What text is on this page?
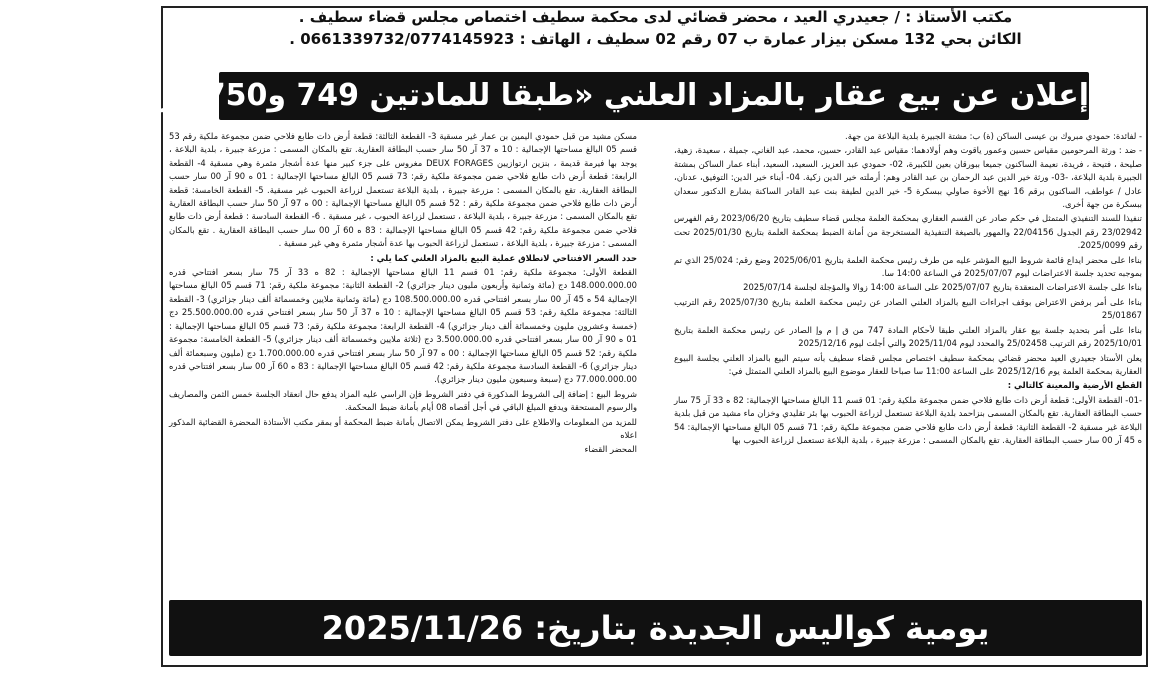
مكتب الأستاذ : / جعيدري العيد ، محضر قضائي لدى محكمة سطيف اختصاص مجلس قضاء سطيف .
الكائن بحي 132 مسكن بيزار عمارة ب 07 رقم 02 سطيف ، الهاتف : 0661339732/0774145923 .
إعلان عن بيع عقار بالمزاد العلني «طبقا للمادتين 749 و750 من ق إ م وإ»

- لفائدة: حمودي مبروك بن عيسى الساكن (ة) ب: مشتة الجبيرة بلدية البلاعة من جهة.

- ضد : ورثة المرحومين مقياس حسين وعمور ياقوت وهم أولادهما: مقياس عبد القادر، حسين، محمد، عبد الغاني، جميلة ، سعيدة، زهية، صليحة ، فتيحة ، فريدة، نعيمة الساكنون جميعا ببورقان بعين للكبيرة، 02- حمودي عبد العزيز، السعيد، السعيد، أبناء عمار الساكن بمشتة الجبيرة بلدية البلاعة، -03- ورثة خير الدين عبد الرحمان بن عبد القادر وهم: أرملته خير الدين زكية. 04- أبناء خير الدين: التوفيق، عدنان، عادل / عواطف، الساكنون برقم 16 نهج الأخوة صاولي ببسكرة 5- خير الدين لطيفة بنت عبد القادر الساكنة بشارع الدكتور سعدان ببسكرة من جهة أخرى.

تنفيذا للسند التنفيذي المتمثل في حكم صادر عن القسم العقاري بمحكمة العلمة مجلس قضاء سطيف بتاريخ 2023/06/20 رقم الفهرس 23/02942 رقم الجدول 22/04156 والمهور بالصيغة التنفيذية المستخرجة من أمانة الضبط بمحكمة العلمة بتاريخ 2025/01/30 تحت رقم 2025/0099.

بناءا على محضر ايداع قائمة شروط البيع المؤشر عليه من طرف رئيس محكمة العلمة بتاريخ 2025/06/01 وضع رقم: 25/024 الذي تم بموجبه تحديد جلسة الاعتراضات ليوم 2025/07/07 في الساعة 14:00 سا.

بناءا على جلسة الاعتراضات المنعقدة بتاريخ 2025/07/07 على الساعة 14:00 زوالا والمؤجلة لجلسة 2025/07/14

بناءا على أمر برفض الاعتراض بوقف اجراءات البيع بالمزاد العلني الصادر عن رئيس محكمة العلمة بتاريخ 2025/07/30 رقم الترتيب 25/01867

بناءا على أمر بتحديد جلسة بيع عقار بالمزاد العلني طبقا لأحكام المادة 747 من ق إ م وإ الصادر عن رئيس محكمة العلمة بتاريخ 2025/10/01 رقم الترتيب 25/02458 والمحدد ليوم 2025/11/04 والتي أجلت ليوم 2025/12/16

يعلن الأستاذ جعيدري العيد محضر قضائي بمحكمة سطيف اختصاص مجلس قضاء سطيف بأنه سيتم البيع بالمزاد العلني بجلسة البيوع العقارية بمحكمة العلمة يوم 2025/12/16 على الساعة 11:00 سا صباحا للعقار موضوع البيع بالمزاد العلني المتمثل في:

القطع الأرضية والمعينة كالتالي :

-01- القطعة الأولى: قطعة أرض ذات طابع فلاحي ضمن مجموعة ملكية رقم: 01 قسم 11 البالغ مساحتها الإجمالية: 82 ه 33 آر 75 سار حسب البطاقة العقارية. تقع بالمكان المسمى بنزاحمد بلدية البلاعة تستعمل لزراعة الحبوب بها بئر تقليدي وخزان ماء مشيد من قبل بلدية البلاعة غير مسقية 2- القطعة الثانية: قطعة أرض ذات طابع فلاحي ضمن مجموعة ملكية رقم: 71 قسم 05 البالغ مساحتها الإجمالية: 54 ه 45 آر 00 سار حسب البطاقة العقارية. تقع بالمكان المسمى : مزرعة جبيرة ، بلدية البلاعة تستعمل لزراعة الحبوب بها

مسكن مشيد من قبل حمودي اليمين بن عمار غير مسقية 3- القطعة الثالثة: قطعة أرض ذات طابع فلاحي ضمن مجموعة ملكية رقم 53 قسم 05 البالغ مساحتها الإجمالية : 10 ه 37 آر 50 سار حسب البطاقة العقارية. تقع بالمكان المسمى : مزرعة جبيرة ، بلدية البلاعة ، يوجد بها فيرمة قديمة ، بنزين ارتوازيين DEUX FORAGES مغروس على جزء كبير منها عدة أشجار مثمرة وهي مسقية 4- القطعة الرابعة: قطعة أرض ذات طابع فلاحي ضمن مجموعة ملكية رقم: 73 قسم 05 البالغ مساحتها الإجمالية : 01 ه 90 آر 00 سار حسب البطاقة العقارية. تقع بالمكان المسمى : مزرعة جبيرة ، بلدية البلاعة تستعمل لزراعة الحبوب غير مسقية. 5- القطعة الخامسة: قطعة أرض ذات طابع فلاحي ضمن مجموعة ملكية رقم : 52 قسم 05 البالغ مساحتها الإجمالية : 00 ه 97 آر 50 سار حسب البطاقة العقارية تقع بالمكان المسمى : مزرعة جبيرة ، بلدية البلاعة ، تستعمل لزراعة الحبوب ، غير مسقية . 6- القطعة السادسة : قطعة أرض ذات طابع فلاحي ضمن مجموعة ملكية رقم: 42 قسم 05 البالغ مساحتها الإجمالية : 83 ه 60 آر 00 سار حسب البطاقة العقارية . تقع بالمكان المسمى : مزرعة جبيرة ، بلدية البلاعة ، تستعمل لزراعة الحبوب بها عدة أشجار مثمرة وهي غير مسقية .

حدد السعر الافتتاحي لانطلاق عملية البيع بالمزاد العلني كما يلي :

القطعة الأولى: مجموعة ملكية رقم: 01 قسم 11 البالغ مساحتها الإجمالية : 82 ه 33 آر 75 سار بسعر افتتاحي قدره 148.000.000.00 دج (مائة وثمانية وأربعون مليون دينار جزائري) 2- القطعة الثانية: مجموعة ملكية رقم: 71 قسم 05 البالغ مساحتها الإجمالية 54 ه 45 آر 00 سار بسعر افتتاحي قدره 108.500.000.00 دج (مائة وثمانية ملايين وخمسمائة ألف دينار جزائري) 3- القطعة الثالثة: مجموعة ملكية رقم: 53 قسم 05 البالغ مساحتها الإجمالية : 10 ه 37 آر 50 سار بسعر افتتاحي قدره 25.500.000.00 دج (خمسة وعشرون مليون وخمسمائة ألف دينار جزائري) 4- القطعة الرابعة: مجموعة ملكية رقم: 73 قسم 05 البالغ مساحتها الإجمالية : 01 ه 90 آر 00 سار بسعر افتتاحي قدره 3.500.000.00 دج (ثلاثة ملايين وخمسمائة ألف دينار جزائري) 5- القطعة الخامسة: مجموعة ملكية رقم: 52 قسم 05 البالغ مساحتها الإجمالية : 00 ه 97 آر 50 سار بسعر افتتاحي قدره 1.700.000.00 دج (مليون وسبعمائة ألف دينار جزائري) 6- القطعة السادسة مجموعة ملكية رقم: 42 قسم 05 البالغ مساحتها الإجمالية : 83 ه 60 آر 00 سار بسعر افتتاحي قدره 77.000.000.00 دج (سبعة وسبعون مليون دينار جزائري).

شروط البيع : إضافة إلى الشروط المذكورة في دفتر الشروط فإن الراسي عليه المزاد يدفع حال انعقاد الجلسة خمس الثمن والمصاريف والرسوم المستحقة ويدفع المبلغ الباقي في أجل أقصاه 08 أيام بأمانة ضبط المحكمة.

للمزيد من المعلومات والاطلاع على دفتر الشروط يمكن الاتصال بأمانة ضبط المحكمة أو بمقر مكتب الأستاذة المحضرة القضائية المذكور اعلاه

المحضر القضاء

يومية كواليس الجديدة بتاريخ: 2025/11/26
